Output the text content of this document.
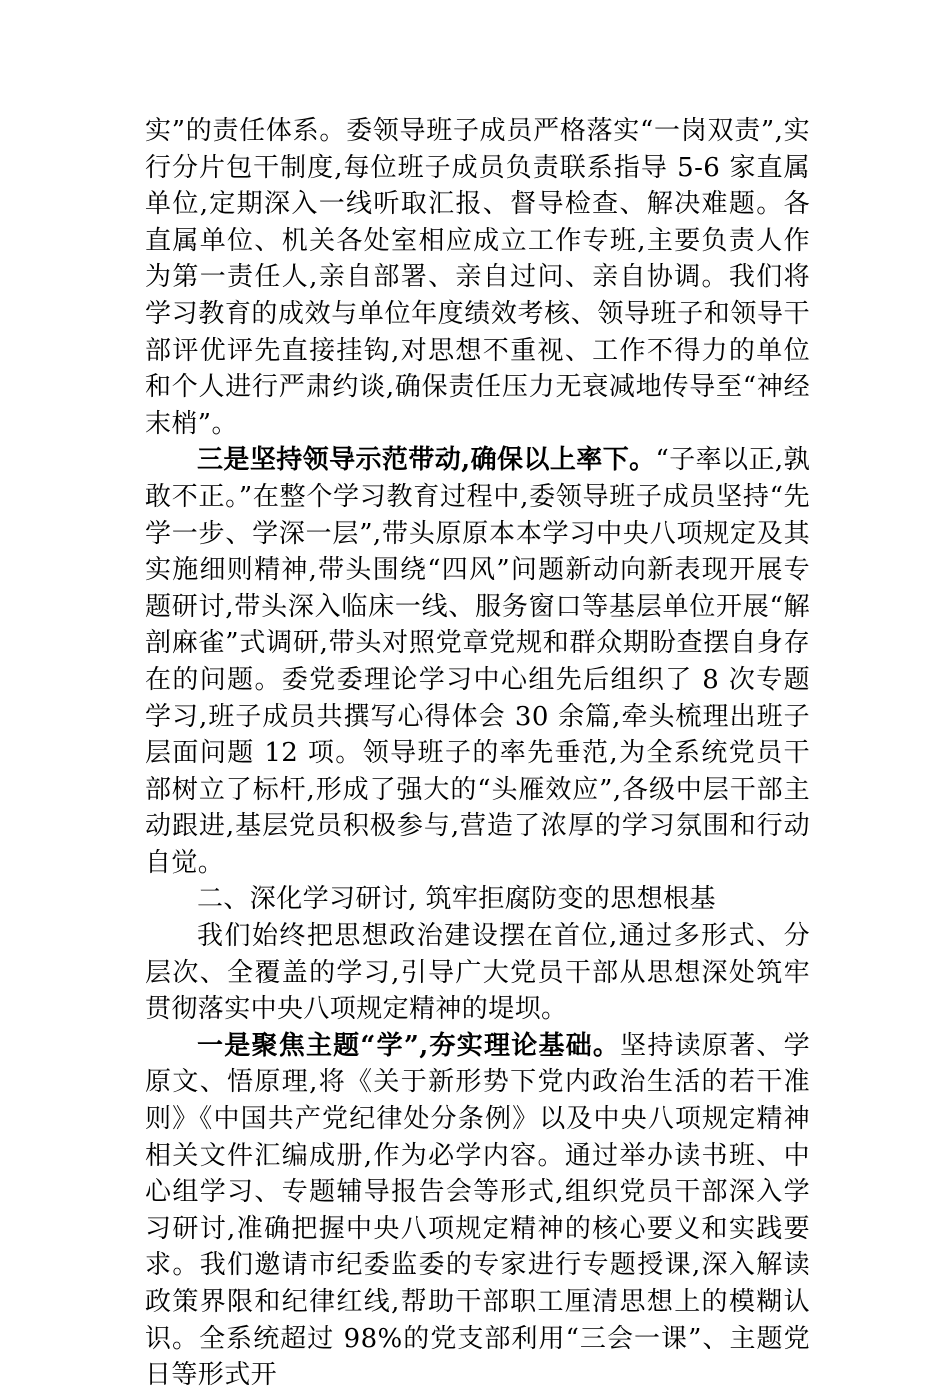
实”的责任体系。委领导班子成员严格落实“一岗双责”,实行分片包干制度,每位班子成员负责联系指导 5-6 家直属单位,定期深入一线听取汇报、督导检查、解决难题。各直属单位、机关各处室相应成立工作专班,主要负责人作为第一责任人,亲自部署、亲自过问、亲自协调。我们将学习教育的成效与单位年度绩效考核、领导班子和领导干部评优评先直接挂钩,对思想不重视、工作不得力的单位和个人进行严肃约谈,确保责任压力无衰减地传导至“神经末梢”。

三是坚持领导示范带动,确保以上率下。“子率以正,孰敢不正。”在整个学习教育过程中,委领导班子成员坚持“先学一步、学深一层”,带头原原本本学习中央八项规定及其实施细则精神,带头围绕“四风”问题新动向新表现开展专题研讨,带头深入临床一线、服务窗口等基层单位开展“解剖麻雀”式调研,带头对照党章党规和群众期盼查摆自身存在的问题。委党委理论学习中心组先后组织了 8 次专题学习,班子成员共撰写心得体会 30 余篇,牵头梳理出班子层面问题 12 项。领导班子的率先垂范,为全系统党员干部树立了标杆,形成了强大的“头雁效应”,各级中层干部主动跟进,基层党员积极参与,营造了浓厚的学习氛围和行动自觉。

二、深化学习研讨, 筑牢拒腐防变的思想根基

我们始终把思想政治建设摆在首位,通过多形式、分层次、全覆盖的学习,引导广大党员干部从思想深处筑牢贯彻落实中央八项规定精神的堤坝。

一是聚焦主题“学”,夯实理论基础。坚持读原著、学原文、悟原理,将《关于新形势下党内政治生活的若干准则》《中国共产党纪律处分条例》以及中央八项规定精神相关文件汇编成册,作为必学内容。通过举办读书班、中心组学习、专题辅导报告会等形式,组织党员干部深入学习研讨,准确把握中央八项规定精神的核心要义和实践要求。我们邀请市纪委监委的专家进行专题授课,深入解读政策界限和纪律红线,帮助干部职工厘清思想上的模糊认识。全系统超过 98%的党支部利用“三会一课”、主题党日等形式开
